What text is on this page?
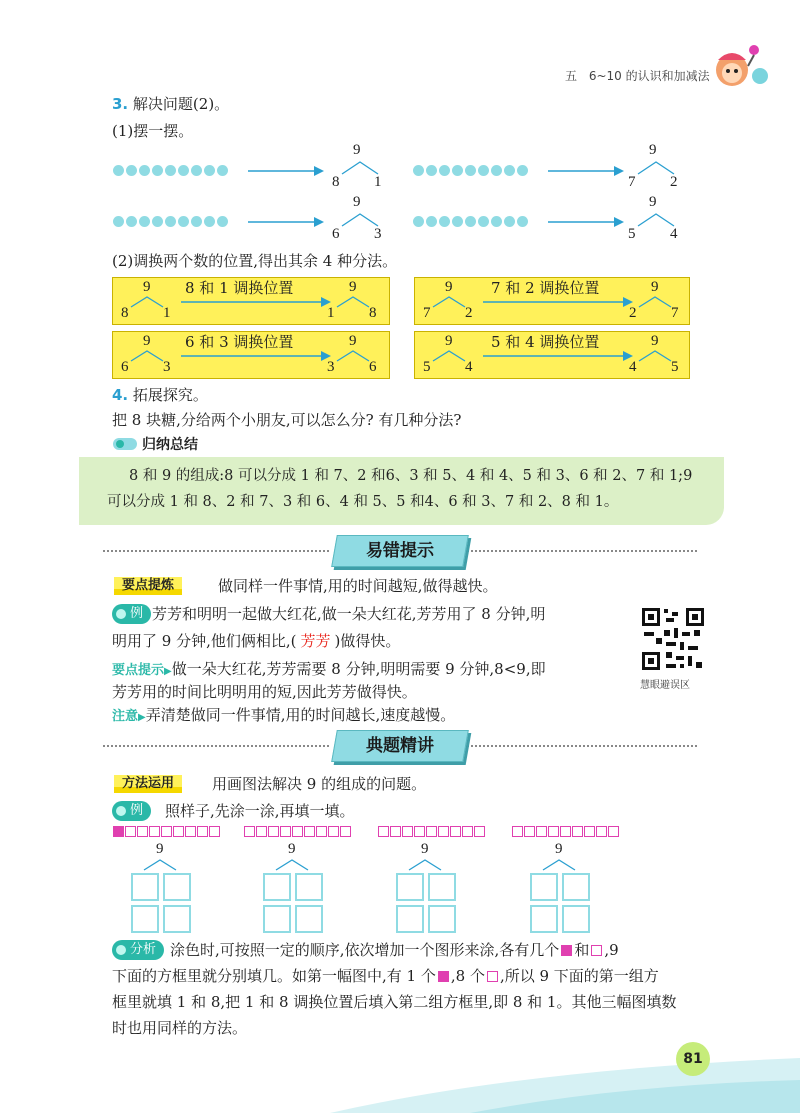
五 6~10 的认识和加减法
3. 解决问题(2)。
(1)摆一摆。
9
8 1
9
7 2
9
6 3
9
5 4
(2)调换两个数的位置,得出其余 4 种分法。
9
8 1
8 和 1 调换位置	9
1 8
9
7 2
7 和 2 调换位置	9
2 7
9
6 3
6 和 3 调换位置	9
3 6
9
5 4
5 和 4 调换位置	9
4 5
4. 拓展探究。
把 8 块糖,分给两个小朋友,可以怎么分? 有几种分法?
归纳总结
8 和 9 的组成:8 可以分成 1 和 7、2 和6、3 和 5、4 和 4、5 和 3、6 和 2、7 和 1;9
可以分成 1 和 8、2 和 7、3 和 6、4 和 5、5 和4、6 和 3、7 和 2、8 和 1。
易错提示
要点提炼	做同样一件事情,用的时间越短,做得越快。
例 芳芳和明明一起做大红花,做一朵大红花,芳芳用了 8 分钟,明
明用了 9 分钟,他们俩相比,( 芳芳 )做得快。
慧眼避误区
要点提示▶做一朵大红花,芳芳需要 8 分钟,明明需要 9 分钟,8<9,即
芳芳用的时间比明明用的短,因此芳芳做得快。
注意▶弄清楚做同一件事情,用的时间越长,速度越慢。
典题精讲
方法运用	用画图法解决 9 的组成的问题。
例	照样子,先涂一涂,再填一填。
9	9	9	9
分析 涂色时,可按照一定的顺序,依次增加一个图形来涂,各有几个 和 ,9
下面的方框里就分别填几。如第一幅图中,有 1 个 ,8 个 ,所以 9 下面的第一组方
框里就填 1 和 8,把 1 和 8 调换位置后填入第二组方框里,即 8 和 1。其他三幅图填数
时也用同样的方法。
81
